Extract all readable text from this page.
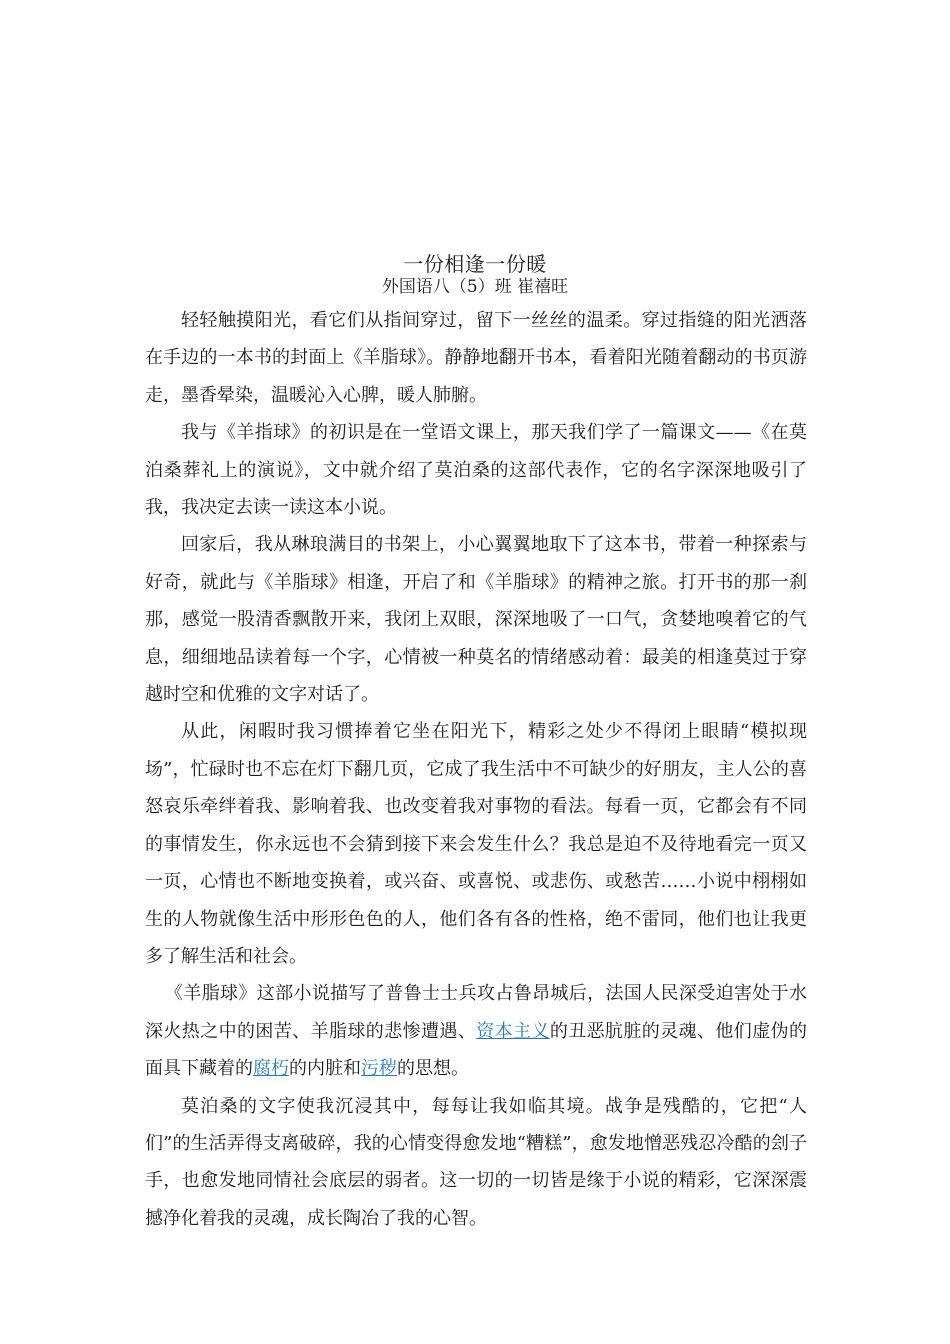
一份相逢一份暖
外国语八（5）班 崔禧旺

轻轻触摸阳光，看它们从指间穿过，留下一丝丝的温柔。穿过指缝的阳光洒落在手边的一本书的封面上《羊脂球》。静静地翻开书本，看着阳光随着翻动的书页游走，墨香晕染，温暖沁入心脾，暖人肺腑。

我与《羊指球》的初识是在一堂语文课上，那天我们学了一篇课文——《在莫泊桑葬礼上的演说》，文中就介绍了莫泊桑的这部代表作，它的名字深深地吸引了我，我决定去读一读这本小说。

回家后，我从琳琅满目的书架上，小心翼翼地取下了这本书，带着一种探索与好奇，就此与《羊脂球》相逢，开启了和《羊脂球》的精神之旅。打开书的那一刹那，感觉一股清香飘散开来，我闭上双眼，深深地吸了一口气，贪婪地嗅着它的气息，细细地品读着每一个字，心情被一种莫名的情绪感动着：最美的相逢莫过于穿越时空和优雅的文字对话了。

从此，闲暇时我习惯捧着它坐在阳光下，精彩之处少不得闭上眼睛“模拟现场”，忙碌时也不忘在灯下翻几页，它成了我生活中不可缺少的好朋友，主人公的喜怒哀乐牵绊着我、影响着我、也改变着我对事物的看法。每看一页，它都会有不同的事情发生，你永远也不会猜到接下来会发生什么？我总是迫不及待地看完一页又一页，心情也不断地变换着，或兴奋、或喜悦、或悲伤、或愁苦……小说中栩栩如生的人物就像生活中形形色色的人，他们各有各的性格，绝不雷同，他们也让我更多了解生活和社会。

《羊脂球》这部小说描写了普鲁士士兵攻占鲁昂城后，法国人民深受迫害处于水深火热之中的困苦、羊脂球的悲惨遭遇、资本主义的丑恶肮脏的灵魂、他们虚伪的面具下藏着的腐朽的内脏和污秽的思想。

莫泊桑的文字使我沉浸其中，每每让我如临其境。战争是残酷的，它把“人们”的生活弄得支离破碎，我的心情变得愈发地“糟糕”，愈发地憎恶残忍冷酷的刽子手，也愈发地同情社会底层的弱者。这一切的一切皆是缘于小说的精彩，它深深震撼净化着我的灵魂，成长陶冶了我的心智。
